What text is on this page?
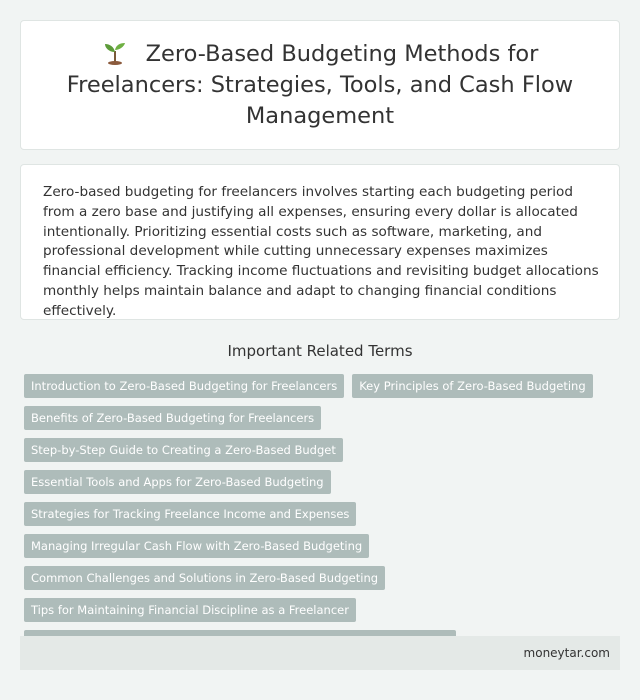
Zero-Based Budgeting Methods for Freelancers: Strategies, Tools, and Cash Flow Management

Zero-based budgeting for freelancers involves starting each budgeting period from a zero base and justifying all expenses, ensuring every dollar is allocated intentionally. Prioritizing essential costs such as software, marketing, and professional development while cutting unnecessary expenses maximizes financial efficiency. Tracking income fluctuations and revisiting budget allocations monthly helps maintain balance and adapt to changing financial conditions effectively.

Important Related Terms
Introduction to Zero-Based Budgeting for Freelancers	Key Principles of Zero-Based Budgeting
Benefits of Zero-Based Budgeting for Freelancers
Step-by-Step Guide to Creating a Zero-Based Budget
Essential Tools and Apps for Zero-Based Budgeting
Strategies for Tracking Freelance Income and Expenses
Managing Irregular Cash Flow with Zero-Based Budgeting
Common Challenges and Solutions in Zero-Based Budgeting
Tips for Maintaining Financial Discipline as a Freelancer
moneytar.com
